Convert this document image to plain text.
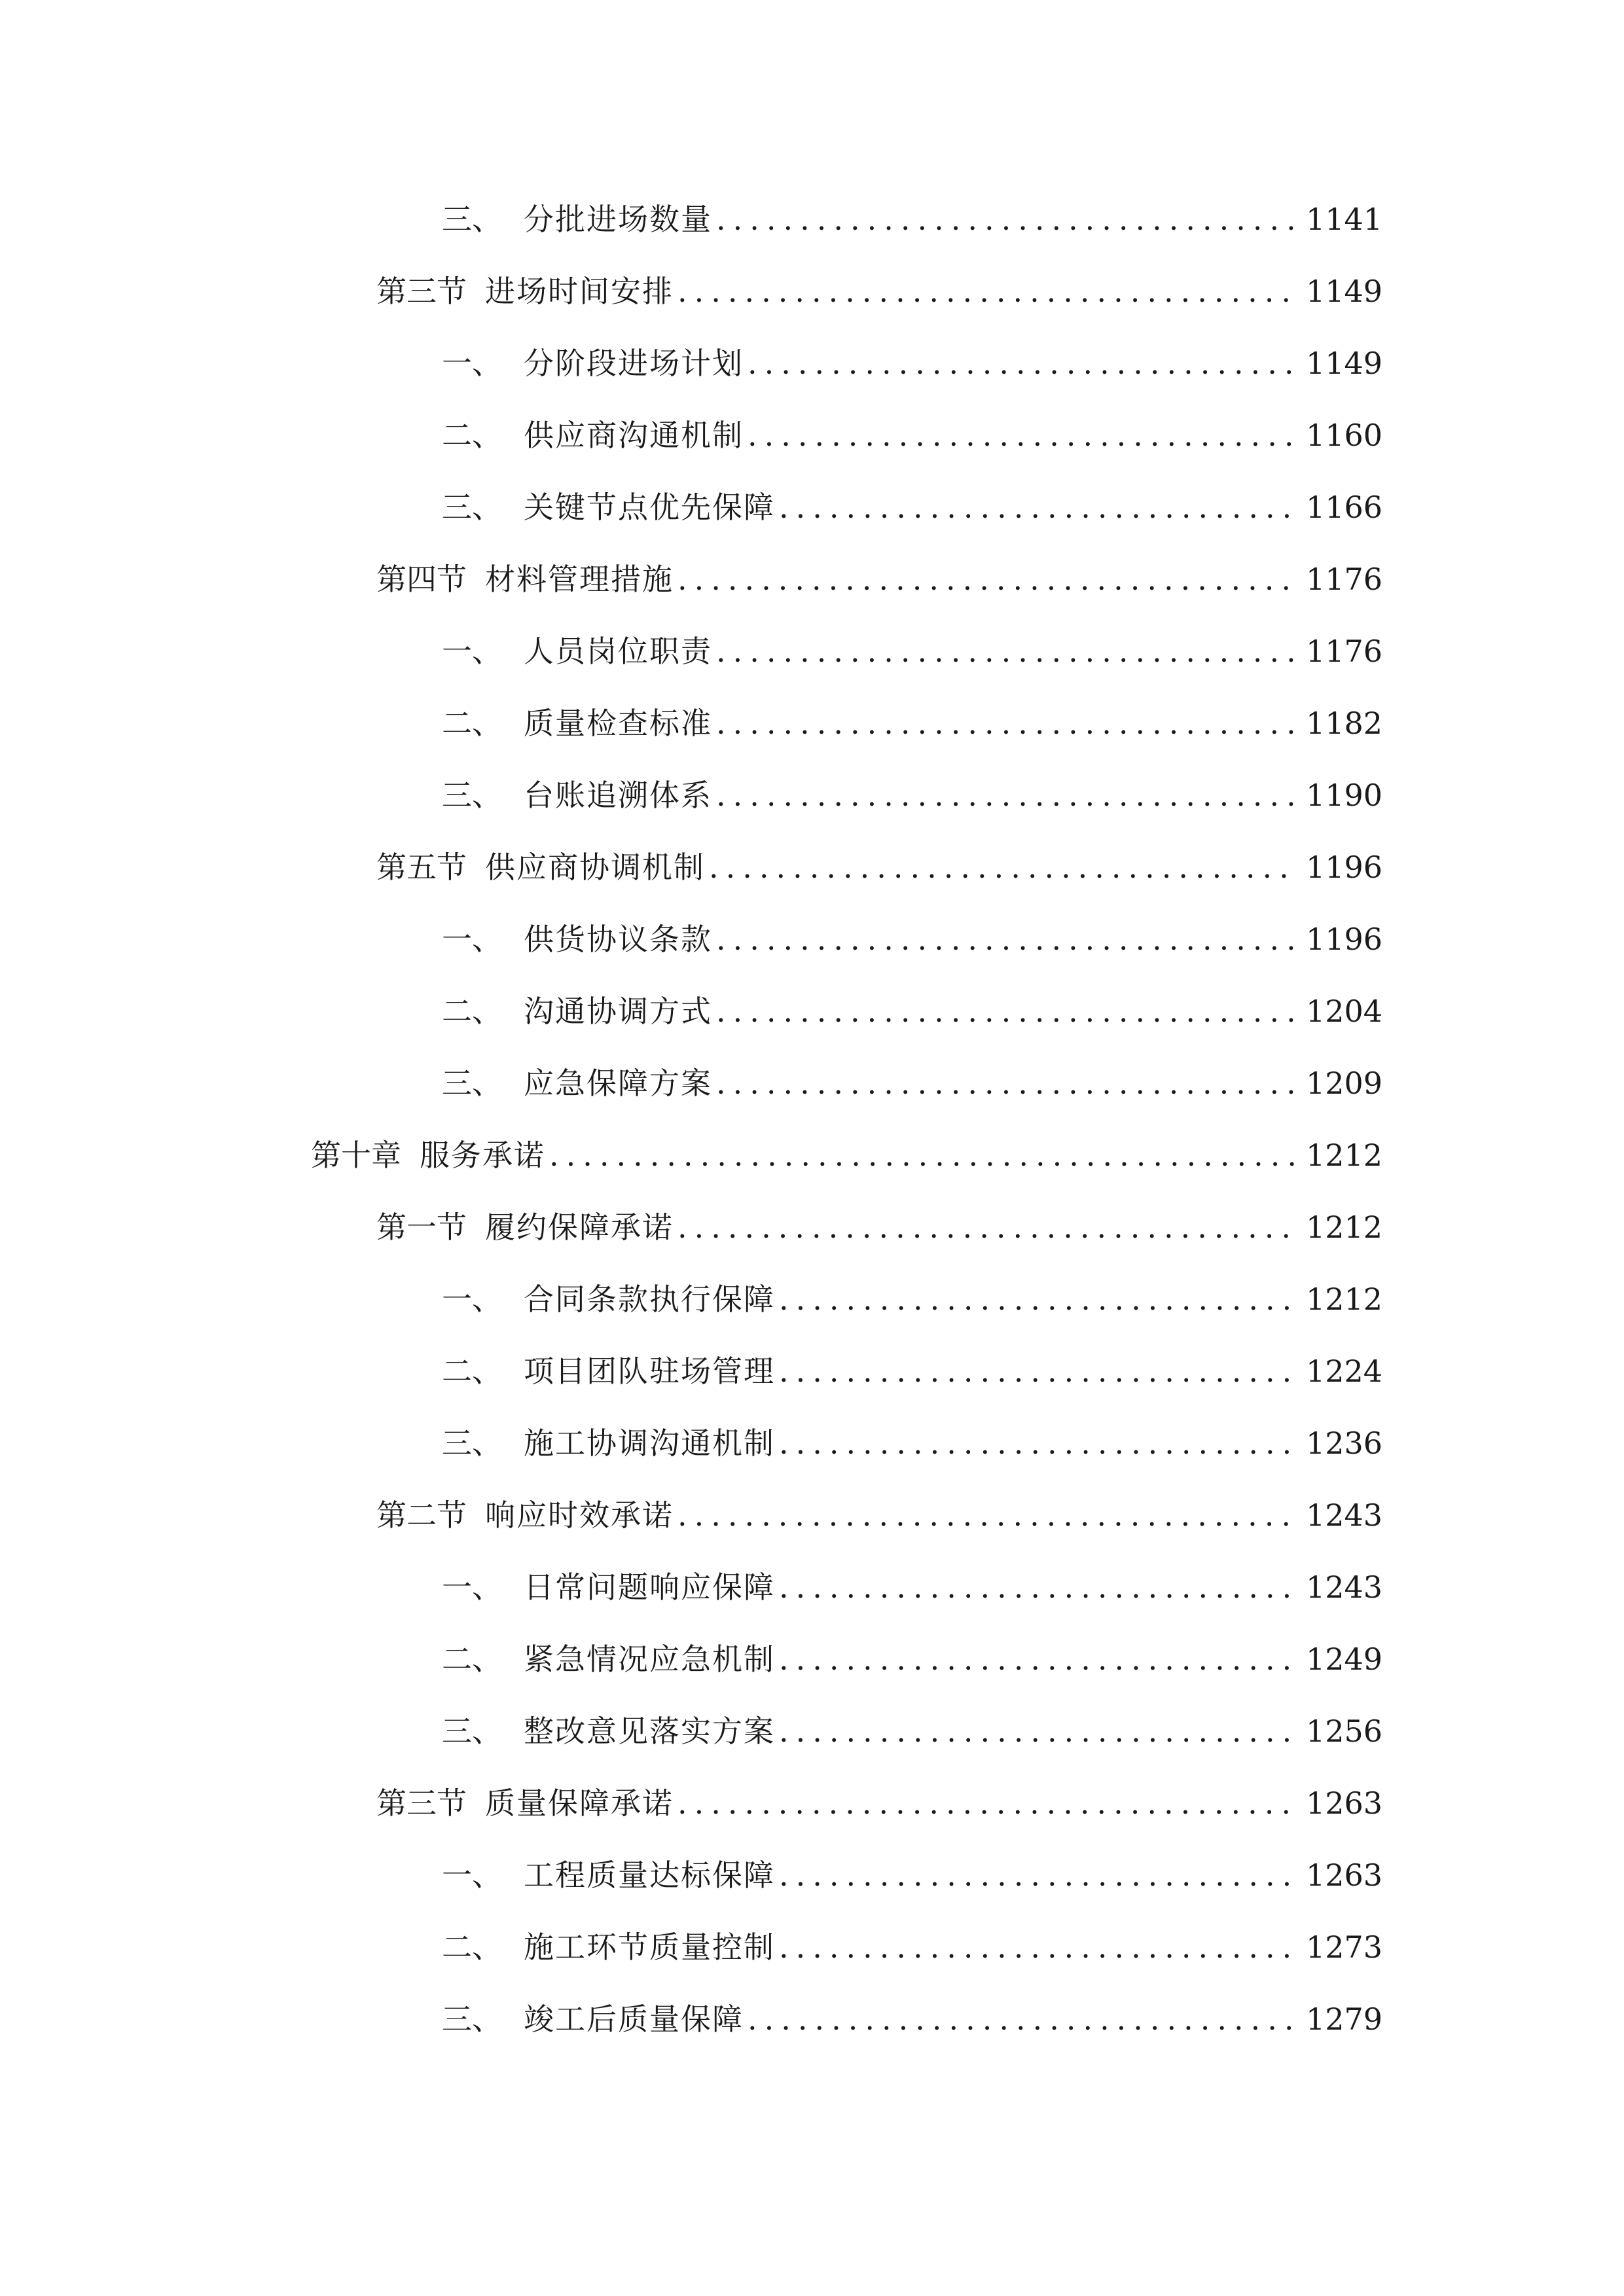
三、 分批进场数量 .....	1141
第三节 进场时间安排 .....	1149
一、 分阶段进场计划 .....	1149
二、 供应商沟通机制 .....	1160
三、 关键节点优先保障 .....	1166
第四节 材料管理措施 .....	1176
一、 人员岗位职责 .....	1176
二、 质量检查标准 .....	1182
三、 台账追溯体系 .....	1190
第五节 供应商协调机制 .....	1196
一、 供货协议条款 .....	1196
二、 沟通协调方式 .....	1204
三、 应急保障方案 .....	1209
第十章 服务承诺 .....	1212
第一节 履约保障承诺 .....	1212
一、 合同条款执行保障 .....	1212
二、 项目团队驻场管理 .....	1224
三、 施工协调沟通机制 .....	1236
第二节 响应时效承诺 .....	1243
一、 日常问题响应保障 .....	1243
二、 紧急情况应急机制 .....	1249
三、 整改意见落实方案 .....	1256
第三节 质量保障承诺 .....	1263
一、 工程质量达标保障 .....	1263
二、 施工环节质量控制 .....	1273
三、 竣工后质量保障 .....	1279
